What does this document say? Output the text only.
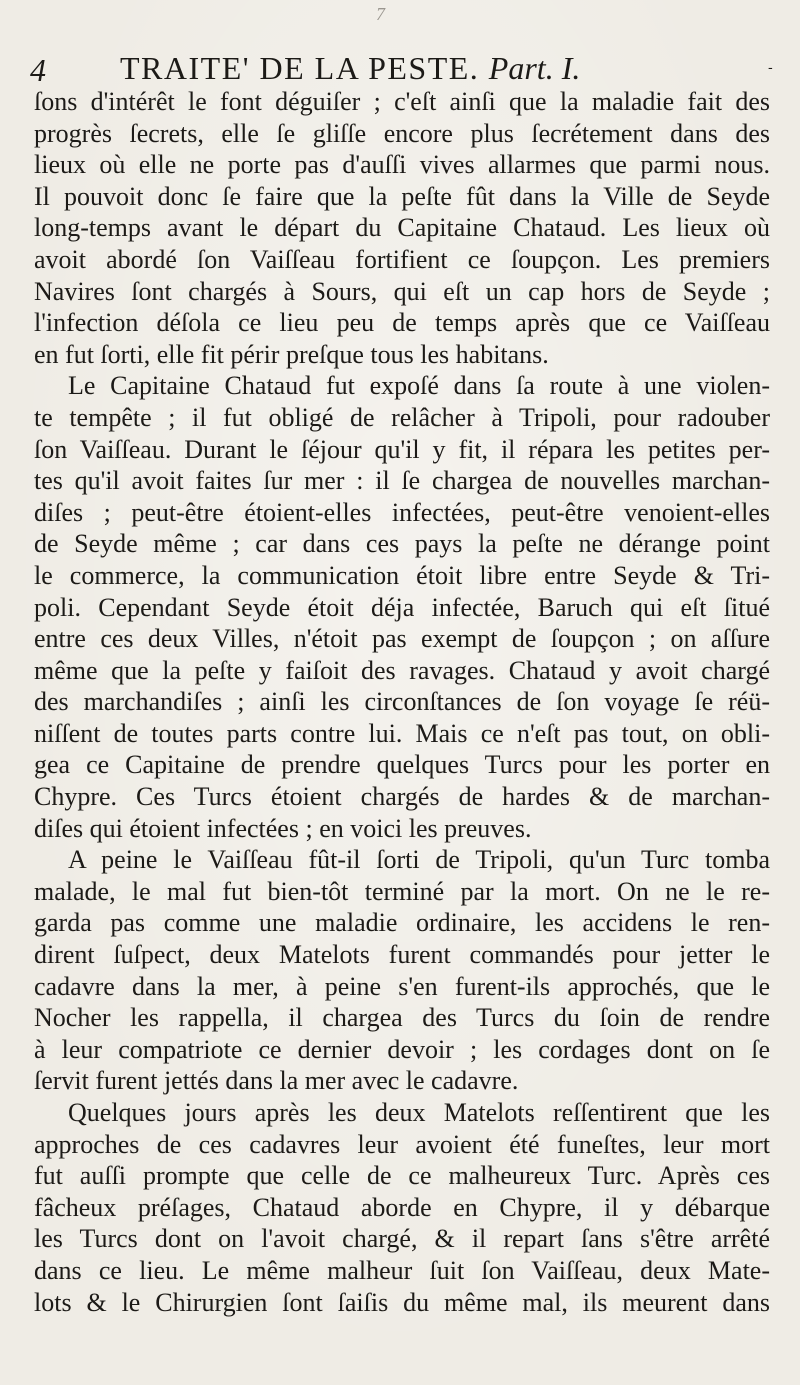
7
4 TRAITE' DE LA PESTE. Part. I.	-
ſons d'intérêt le font déguiſer ; c'eſt ainſi que la maladie fait des
progrès ſecrets, elle ſe gliſſe encore plus ſecrétement dans des
lieux où elle ne porte pas d'auſſi vives allarmes que parmi nous.
Il pouvoit donc ſe faire que la peſte fût dans la Ville de Seyde
long-temps avant le départ du Capitaine Chataud. Les lieux où
avoit abordé ſon Vaiſſeau fortifient ce ſoupçon. Les premiers
Navires ſont chargés à Sours, qui eſt un cap hors de Seyde ;
l'infection déſola ce lieu peu de temps après que ce Vaiſſeau
en fut ſorti, elle fit périr preſque tous les habitans.
Le Capitaine Chataud fut expoſé dans ſa route à une violen-
te tempête ; il fut obligé de relâcher à Tripoli, pour radouber
ſon Vaiſſeau. Durant le ſéjour qu'il y fit, il répara les petites per-
tes qu'il avoit faites ſur mer : il ſe chargea de nouvelles marchan-
diſes ; peut-être étoient-elles infectées, peut-être venoient-elles
de Seyde même ; car dans ces pays la peſte ne dérange point
le commerce, la communication étoit libre entre Seyde & Tri-
poli. Cependant Seyde étoit déja infectée, Baruch qui eſt ſitué
entre ces deux Villes, n'étoit pas exempt de ſoupçon ; on aſſure
même que la peſte y faiſoit des ravages. Chataud y avoit chargé
des marchandiſes ; ainſi les circonſtances de ſon voyage ſe réü-
niſſent de toutes parts contre lui. Mais ce n'eſt pas tout, on obli-
gea ce Capitaine de prendre quelques Turcs pour les porter en
Chypre. Ces Turcs étoient chargés de hardes & de marchan-
diſes qui étoient infectées ; en voici les preuves.
A peine le Vaiſſeau fût-il ſorti de Tripoli, qu'un Turc tomba
malade, le mal fut bien-tôt terminé par la mort. On ne le re-
garda pas comme une maladie ordinaire, les accidens le ren-
dirent ſuſpect, deux Matelots furent commandés pour jetter le
cadavre dans la mer, à peine s'en furent-ils approchés, que le
Nocher les rappella, il chargea des Turcs du ſoin de rendre
à leur compatriote ce dernier devoir ; les cordages dont on ſe
ſervit furent jettés dans la mer avec le cadavre.
Quelques jours après les deux Matelots reſſentirent que les
approches de ces cadavres leur avoient été funeſtes, leur mort
fut auſſi prompte que celle de ce malheureux Turc. Après ces
fâcheux préſages, Chataud aborde en Chypre, il y débarque
les Turcs dont on l'avoit chargé, & il repart ſans s'être arrêté
dans ce lieu. Le même malheur ſuit ſon Vaiſſeau, deux Mate-
lots & le Chirurgien ſont ſaiſis du même mal, ils meurent dans
